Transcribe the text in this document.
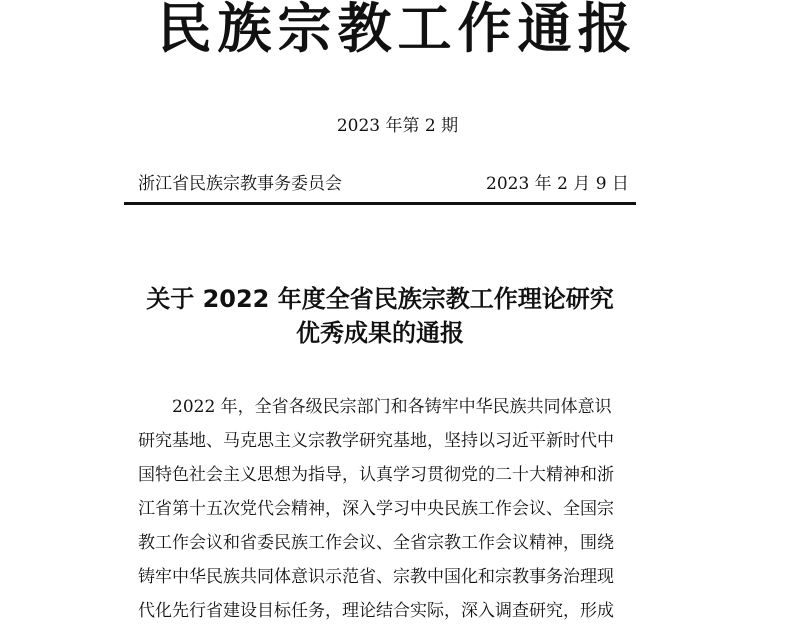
民族宗教工作通报
2023 年第 2 期
浙江省民族宗教事务委员会	2023 年 2 月 9 日
关于 2022 年度全省民族宗教工作理论研究
优秀成果的通报
2022 年，全省各级民宗部门和各铸牢中华民族共同体意识
研究基地、马克思主义宗教学研究基地，坚持以习近平新时代中
国特色社会主义思想为指导，认真学习贯彻党的二十大精神和浙
江省第十五次党代会精神，深入学习中央民族工作会议、全国宗
教工作会议和省委民族工作会议、全省宗教工作会议精神，围绕
铸牢中华民族共同体意识示范省、宗教中国化和宗教事务治理现
代化先行省建设目标任务，理论结合实际，深入调查研究，形成
